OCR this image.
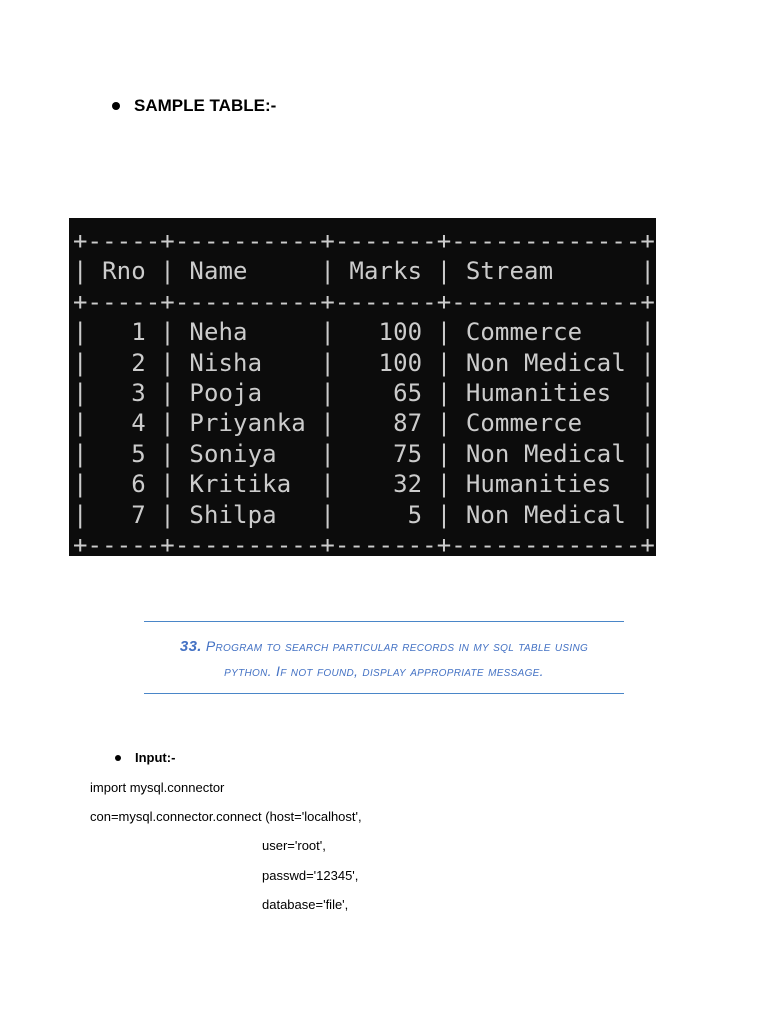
SAMPLE TABLE:-
+-----+----------+-------+-------------+
| Rno | Name     | Marks | Stream      |
+-----+----------+-------+-------------+
|   1 | Neha     |   100 | Commerce    |
|   2 | Nisha    |   100 | Non Medical |
|   3 | Pooja    |    65 | Humanities  |
|   4 | Priyanka |    87 | Commerce    |
|   5 | Soniya   |    75 | Non Medical |
|   6 | Kritika  |    32 | Humanities  |
|   7 | Shilpa   |     5 | Non Medical |
+-----+----------+-------+-------------+
33. Program to search particular records in my sql table using
python. If not found, display appropriate message.
Input:-
import mysql.connector
con=mysql.connector.connect (host='localhost',
user='root',
passwd='12345',
database='file',
